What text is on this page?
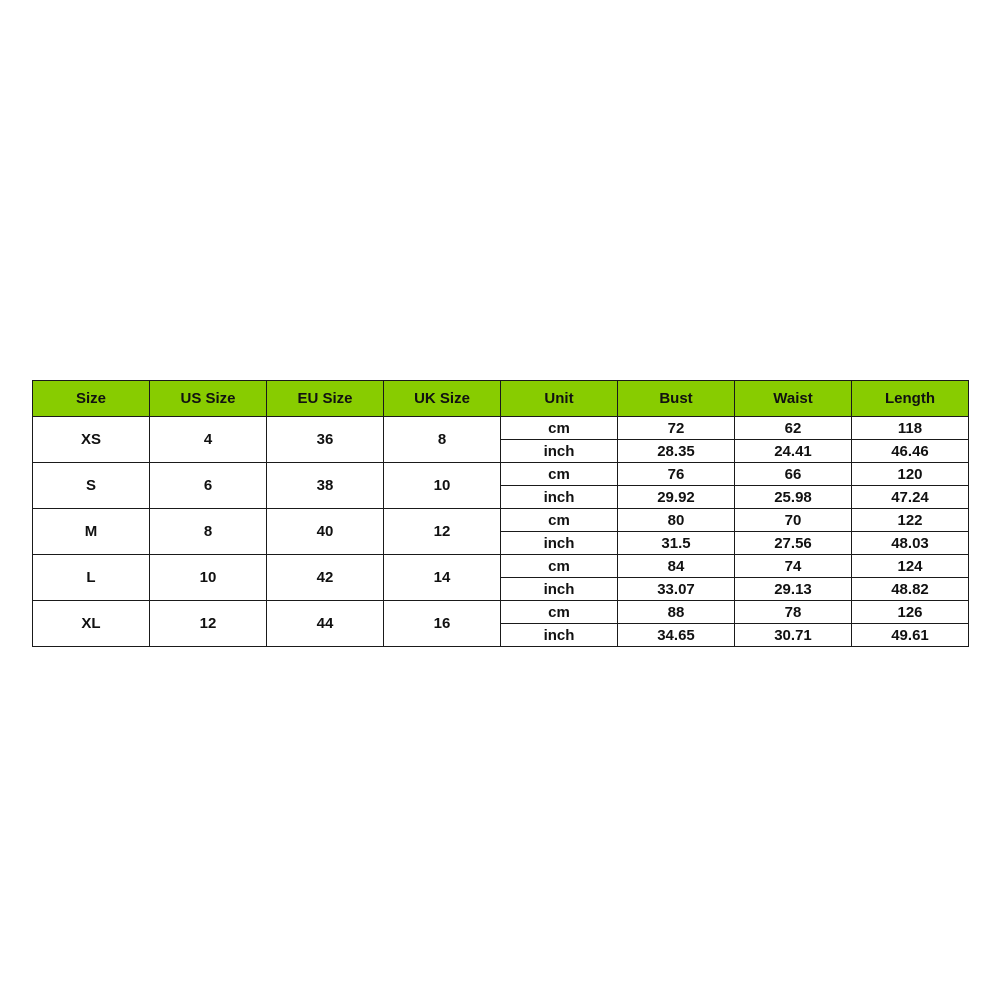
Size	US Size	EU Size	UK Size	Unit	Bust	Waist	Length
XS	4	36	8	cm	72	62	118
				inch	28.35	24.41	46.46
S	6	38	10	cm	76	66	120
				inch	29.92	25.98	47.24
M	8	40	12	cm	80	70	122
				inch	31.5	27.56	48.03
L	10	42	14	cm	84	74	124
				inch	33.07	29.13	48.82
XL	12	44	16	cm	88	78	126
				inch	34.65	30.71	49.61
